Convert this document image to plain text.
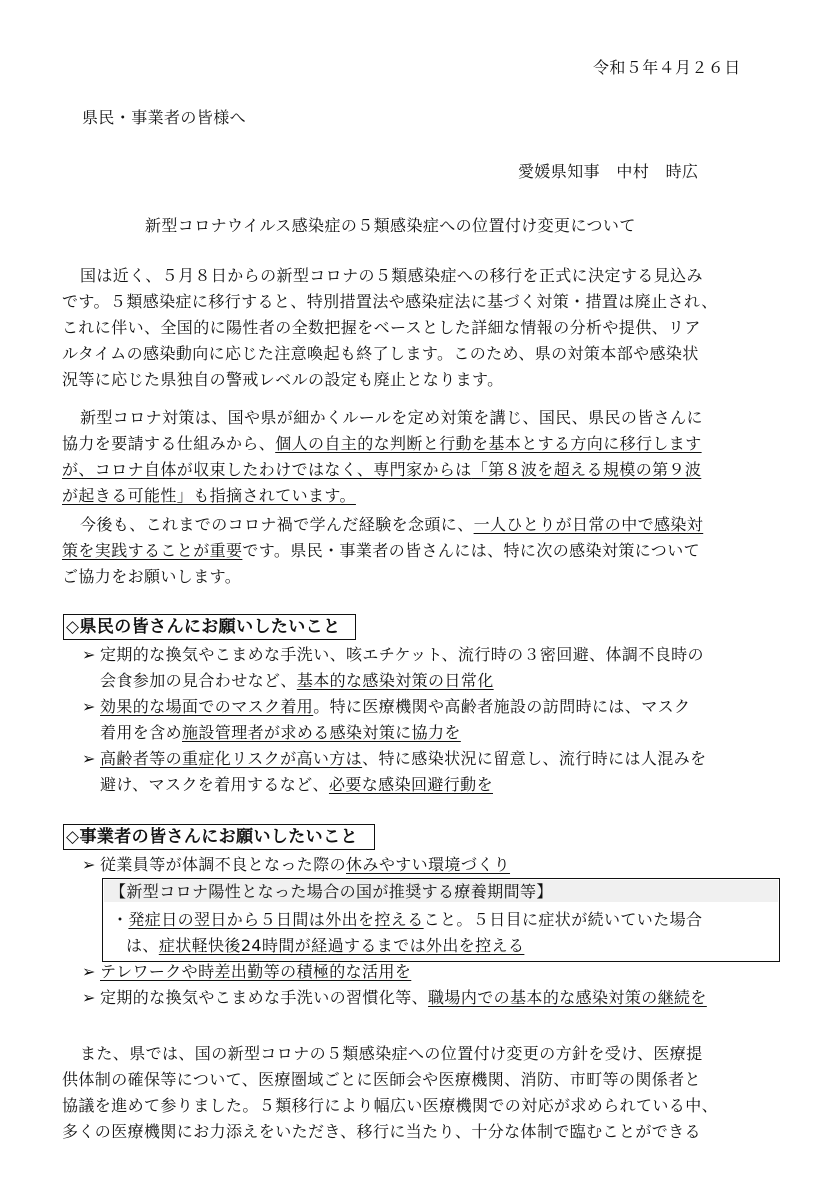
令和５年４月２６日
県民・事業者の皆様へ
愛媛県知事　中村　時広
新型コロナウイルス感染症の５類感染症への位置付け変更について
国は近く、５月８日からの新型コロナの５類感染症への移行を正式に決定する見込み
です。５類感染症に移行すると、特別措置法や感染症法に基づく対策・措置は廃止され、
これに伴い、全国的に陽性者の全数把握をベースとした詳細な情報の分析や提供、リア
ルタイムの感染動向に応じた注意喚起も終了します。このため、県の対策本部や感染状
況等に応じた県独自の警戒レベルの設定も廃止となります。
新型コロナ対策は、国や県が細かくルールを定め対策を講じ、国民、県民の皆さんに
協力を要請する仕組みから、個人の自主的な判断と行動を基本とする方向に移行します
が、コロナ自体が収束したわけではなく、専門家からは「第８波を超える規模の第９波
が起きる可能性」も指摘されています。
今後も、これまでのコロナ禍で学んだ経験を念頭に、一人ひとりが日常の中で感染対
策を実践することが重要です。県民・事業者の皆さんには、特に次の感染対策について
ご協力をお願いします。
◇県民の皆さんにお願いしたいこと
➢ 定期的な換気やこまめな手洗い、咳エチケット、流行時の３密回避、体調不良時の
会食参加の見合わせなど、基本的な感染対策の日常化
➢ 効果的な場面でのマスク着用。特に医療機関や高齢者施設の訪問時には、マスク
着用を含め施設管理者が求める感染対策に協力を
➢ 高齢者等の重症化リスクが高い方は、特に感染状況に留意し、流行時には人混みを
避け、マスクを着用するなど、必要な感染回避行動を
◇事業者の皆さんにお願いしたいこと
➢ 従業員等が体調不良となった際の休みやすい環境づくり
【新型コロナ陽性となった場合の国が推奨する療養期間等】
・発症日の翌日から５日間は外出を控えること。５日目に症状が続いていた場合
は、症状軽快後24時間が経過するまでは外出を控える
➢ テレワークや時差出勤等の積極的な活用を
➢ 定期的な換気やこまめな手洗いの習慣化等、職場内での基本的な感染対策の継続を
また、県では、国の新型コロナの５類感染症への位置付け変更の方針を受け、医療提
供体制の確保等について、医療圏域ごとに医師会や医療機関、消防、市町等の関係者と
協議を進めて参りました。５類移行により幅広い医療機関での対応が求められている中、
多くの医療機関にお力添えをいただき、移行に当たり、十分な体制で臨むことができる
